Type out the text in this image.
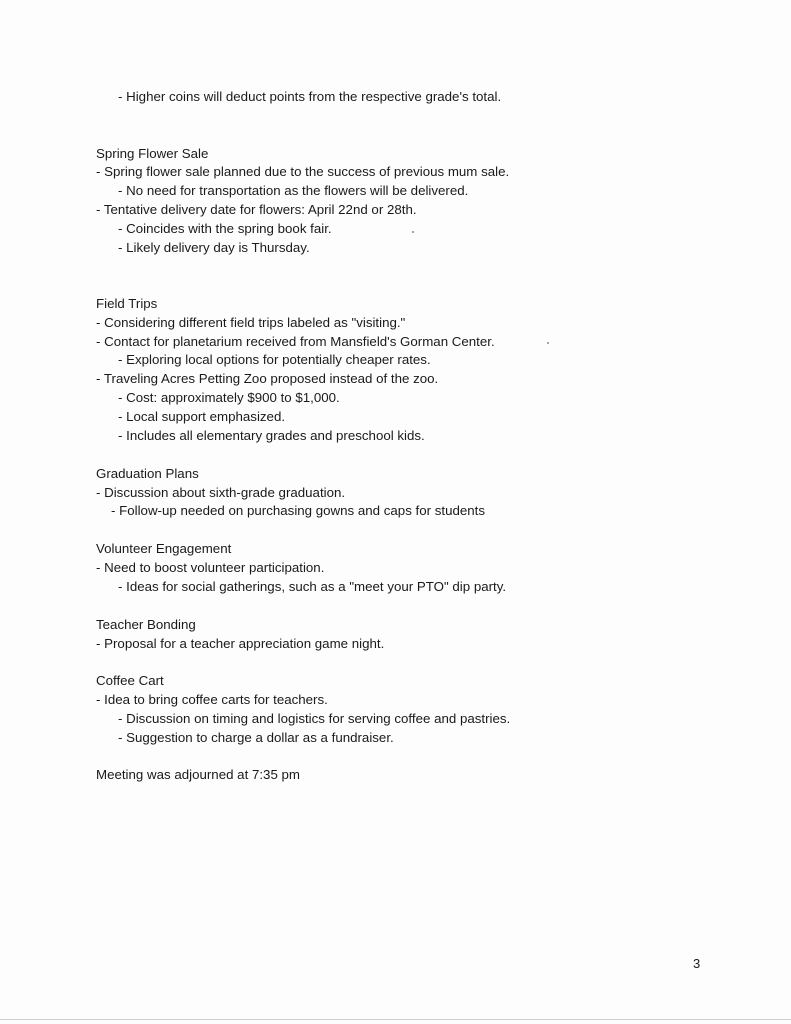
- Higher coins will deduct points from the respective grade's total.
Spring Flower Sale
- Spring flower sale planned due to the success of previous mum sale.
- No need for transportation as the flowers will be delivered.
- Tentative delivery date for flowers: April 22nd or 28th.
- Coincides with the spring book fair.
- Likely delivery day is Thursday.
Field Trips
- Considering different field trips labeled as "visiting."
- Contact for planetarium received from Mansfield's Gorman Center.
- Exploring local options for potentially cheaper rates.
- Traveling Acres Petting Zoo proposed instead of the zoo.
- Cost: approximately $900 to $1,000.
- Local support emphasized.
- Includes all elementary grades and preschool kids.
Graduation Plans
- Discussion about sixth-grade graduation.
- Follow-up needed on purchasing gowns and caps for students
Volunteer Engagement
- Need to boost volunteer participation.
- Ideas for social gatherings, such as a "meet your PTO" dip party.
Teacher Bonding
- Proposal for a teacher appreciation game night.
Coffee Cart
- Idea to bring coffee carts for teachers.
- Discussion on timing and logistics for serving coffee and pastries.
- Suggestion to charge a dollar as a fundraiser.
Meeting was adjourned at 7:35 pm
3
